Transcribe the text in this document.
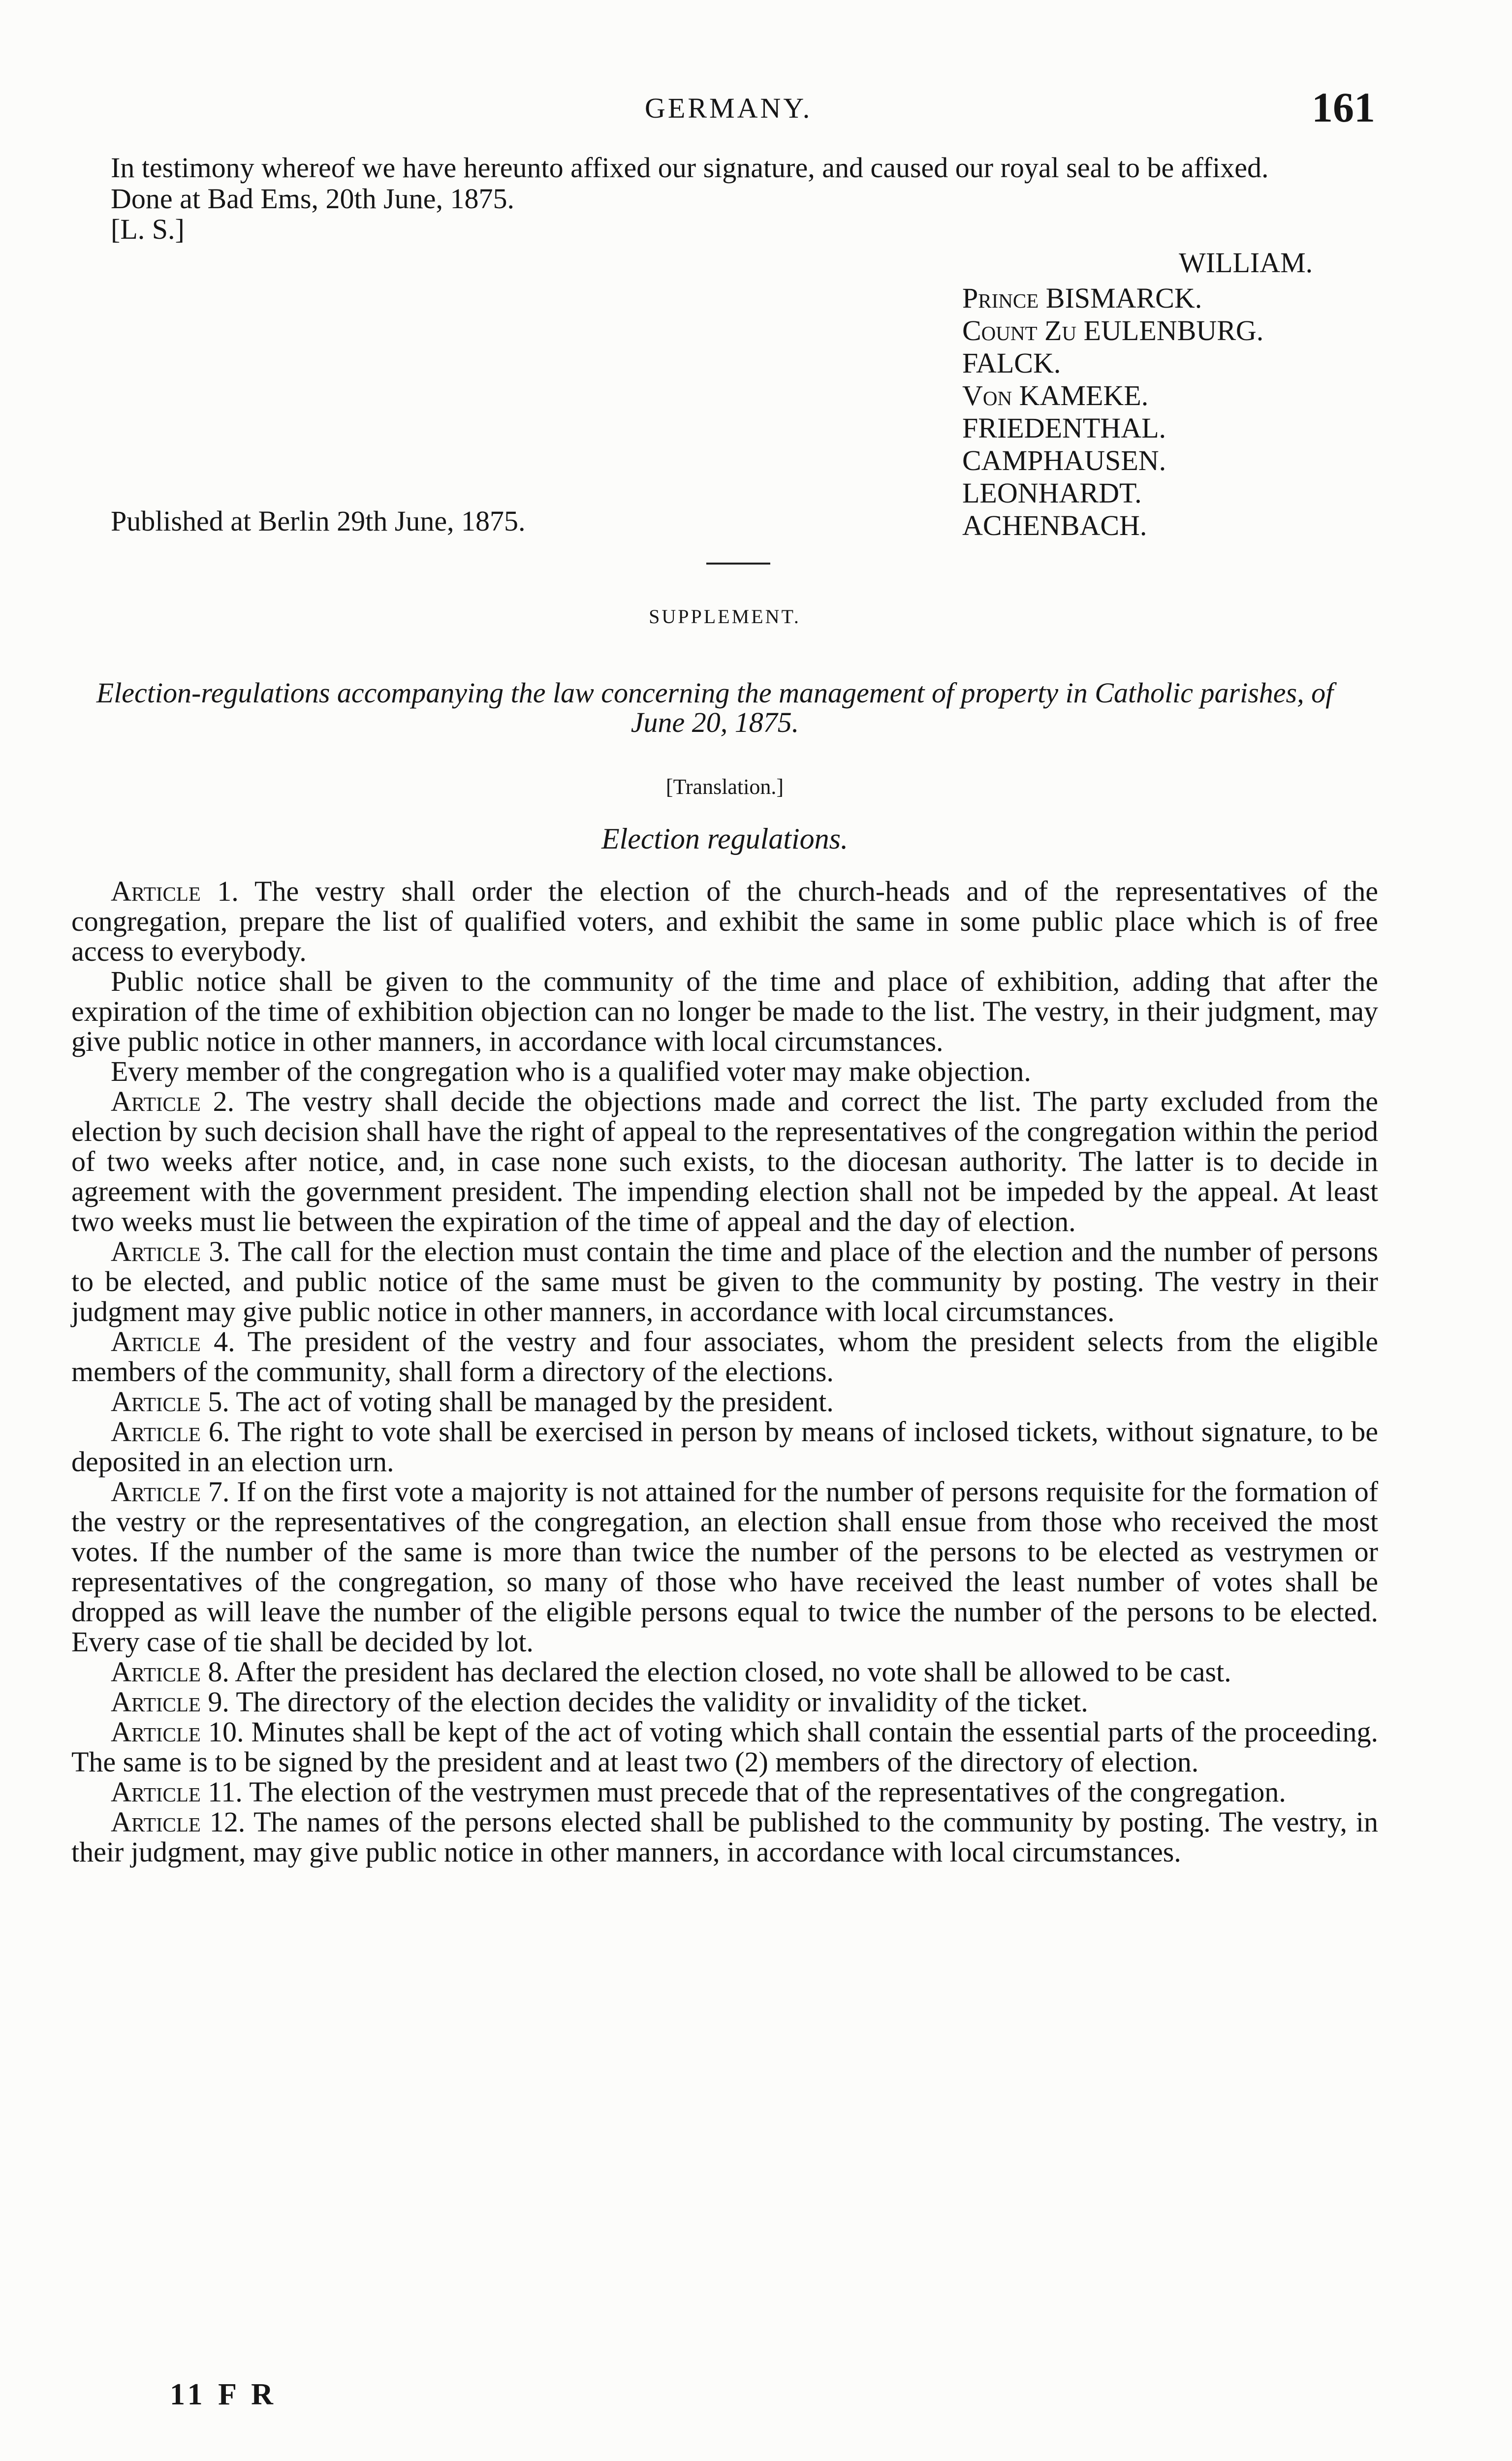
GERMANY.	161

In testimony whereof we have hereunto affixed our signature, and caused our royal seal to be affixed.

Done at Bad Ems, 20th June, 1875.
[L. S.]
WILLIAM.
Prince BISMARCK.
Count Zu EULENBURG.
FALCK.
Von KAMEKE.
FRIEDENTHAL.
CAMPHAUSEN.
LEONHARDT.
ACHENBACH.
Published at Berlin 29th June, 1875.
SUPPLEMENT.
Election-regulations accompanying the law concerning the management of property in Catholic parishes, of June 20, 1875.
[Translation.]
Election regulations.

Article 1. The vestry shall order the election of the church-heads and of the representatives of the congregation, prepare the list of qualified voters, and exhibit the same in some public place which is of free access to everybody.

Public notice shall be given to the community of the time and place of exhibition, adding that after the expiration of the time of exhibition objection can no longer be made to the list. The vestry, in their judgment, may give public notice in other manners, in accordance with local circumstances.

Every member of the congregation who is a qualified voter may make objection.

Article 2. The vestry shall decide the objections made and correct the list. The party excluded from the election by such decision shall have the right of appeal to the representatives of the congregation within the period of two weeks after notice, and, in case none such exists, to the diocesan authority. The latter is to decide in agreement with the government president. The impending election shall not be impeded by the appeal. At least two weeks must lie between the expiration of the time of appeal and the day of election.

Article 3. The call for the election must contain the time and place of the election and the number of persons to be elected, and public notice of the same must be given to the community by posting. The vestry in their judgment may give public notice in other manners, in accordance with local circumstances.

Article 4. The president of the vestry and four associates, whom the president selects from the eligible members of the community, shall form a directory of the elections.

Article 5. The act of voting shall be managed by the president.

Article 6. The right to vote shall be exercised in person by means of inclosed tickets, without signature, to be deposited in an election urn.

Article 7. If on the first vote a majority is not attained for the number of persons requisite for the formation of the vestry or the representatives of the congregation, an election shall ensue from those who received the most votes. If the number of the same is more than twice the number of the persons to be elected as vestrymen or representatives of the congregation, so many of those who have received the least number of votes shall be dropped as will leave the number of the eligible persons equal to twice the number of the persons to be elected. Every case of tie shall be decided by lot.

Article 8. After the president has declared the election closed, no vote shall be allowed to be cast.

Article 9. The directory of the election decides the validity or invalidity of the ticket.

Article 10. Minutes shall be kept of the act of voting which shall contain the essential parts of the proceeding. The same is to be signed by the president and at least two (2) members of the directory of election.

Article 11. The election of the vestrymen must precede that of the representatives of the congregation.

Article 12. The names of the persons elected shall be published to the community by posting. The vestry, in their judgment, may give public notice in other manners, in accordance with local circumstances.

11 F R
